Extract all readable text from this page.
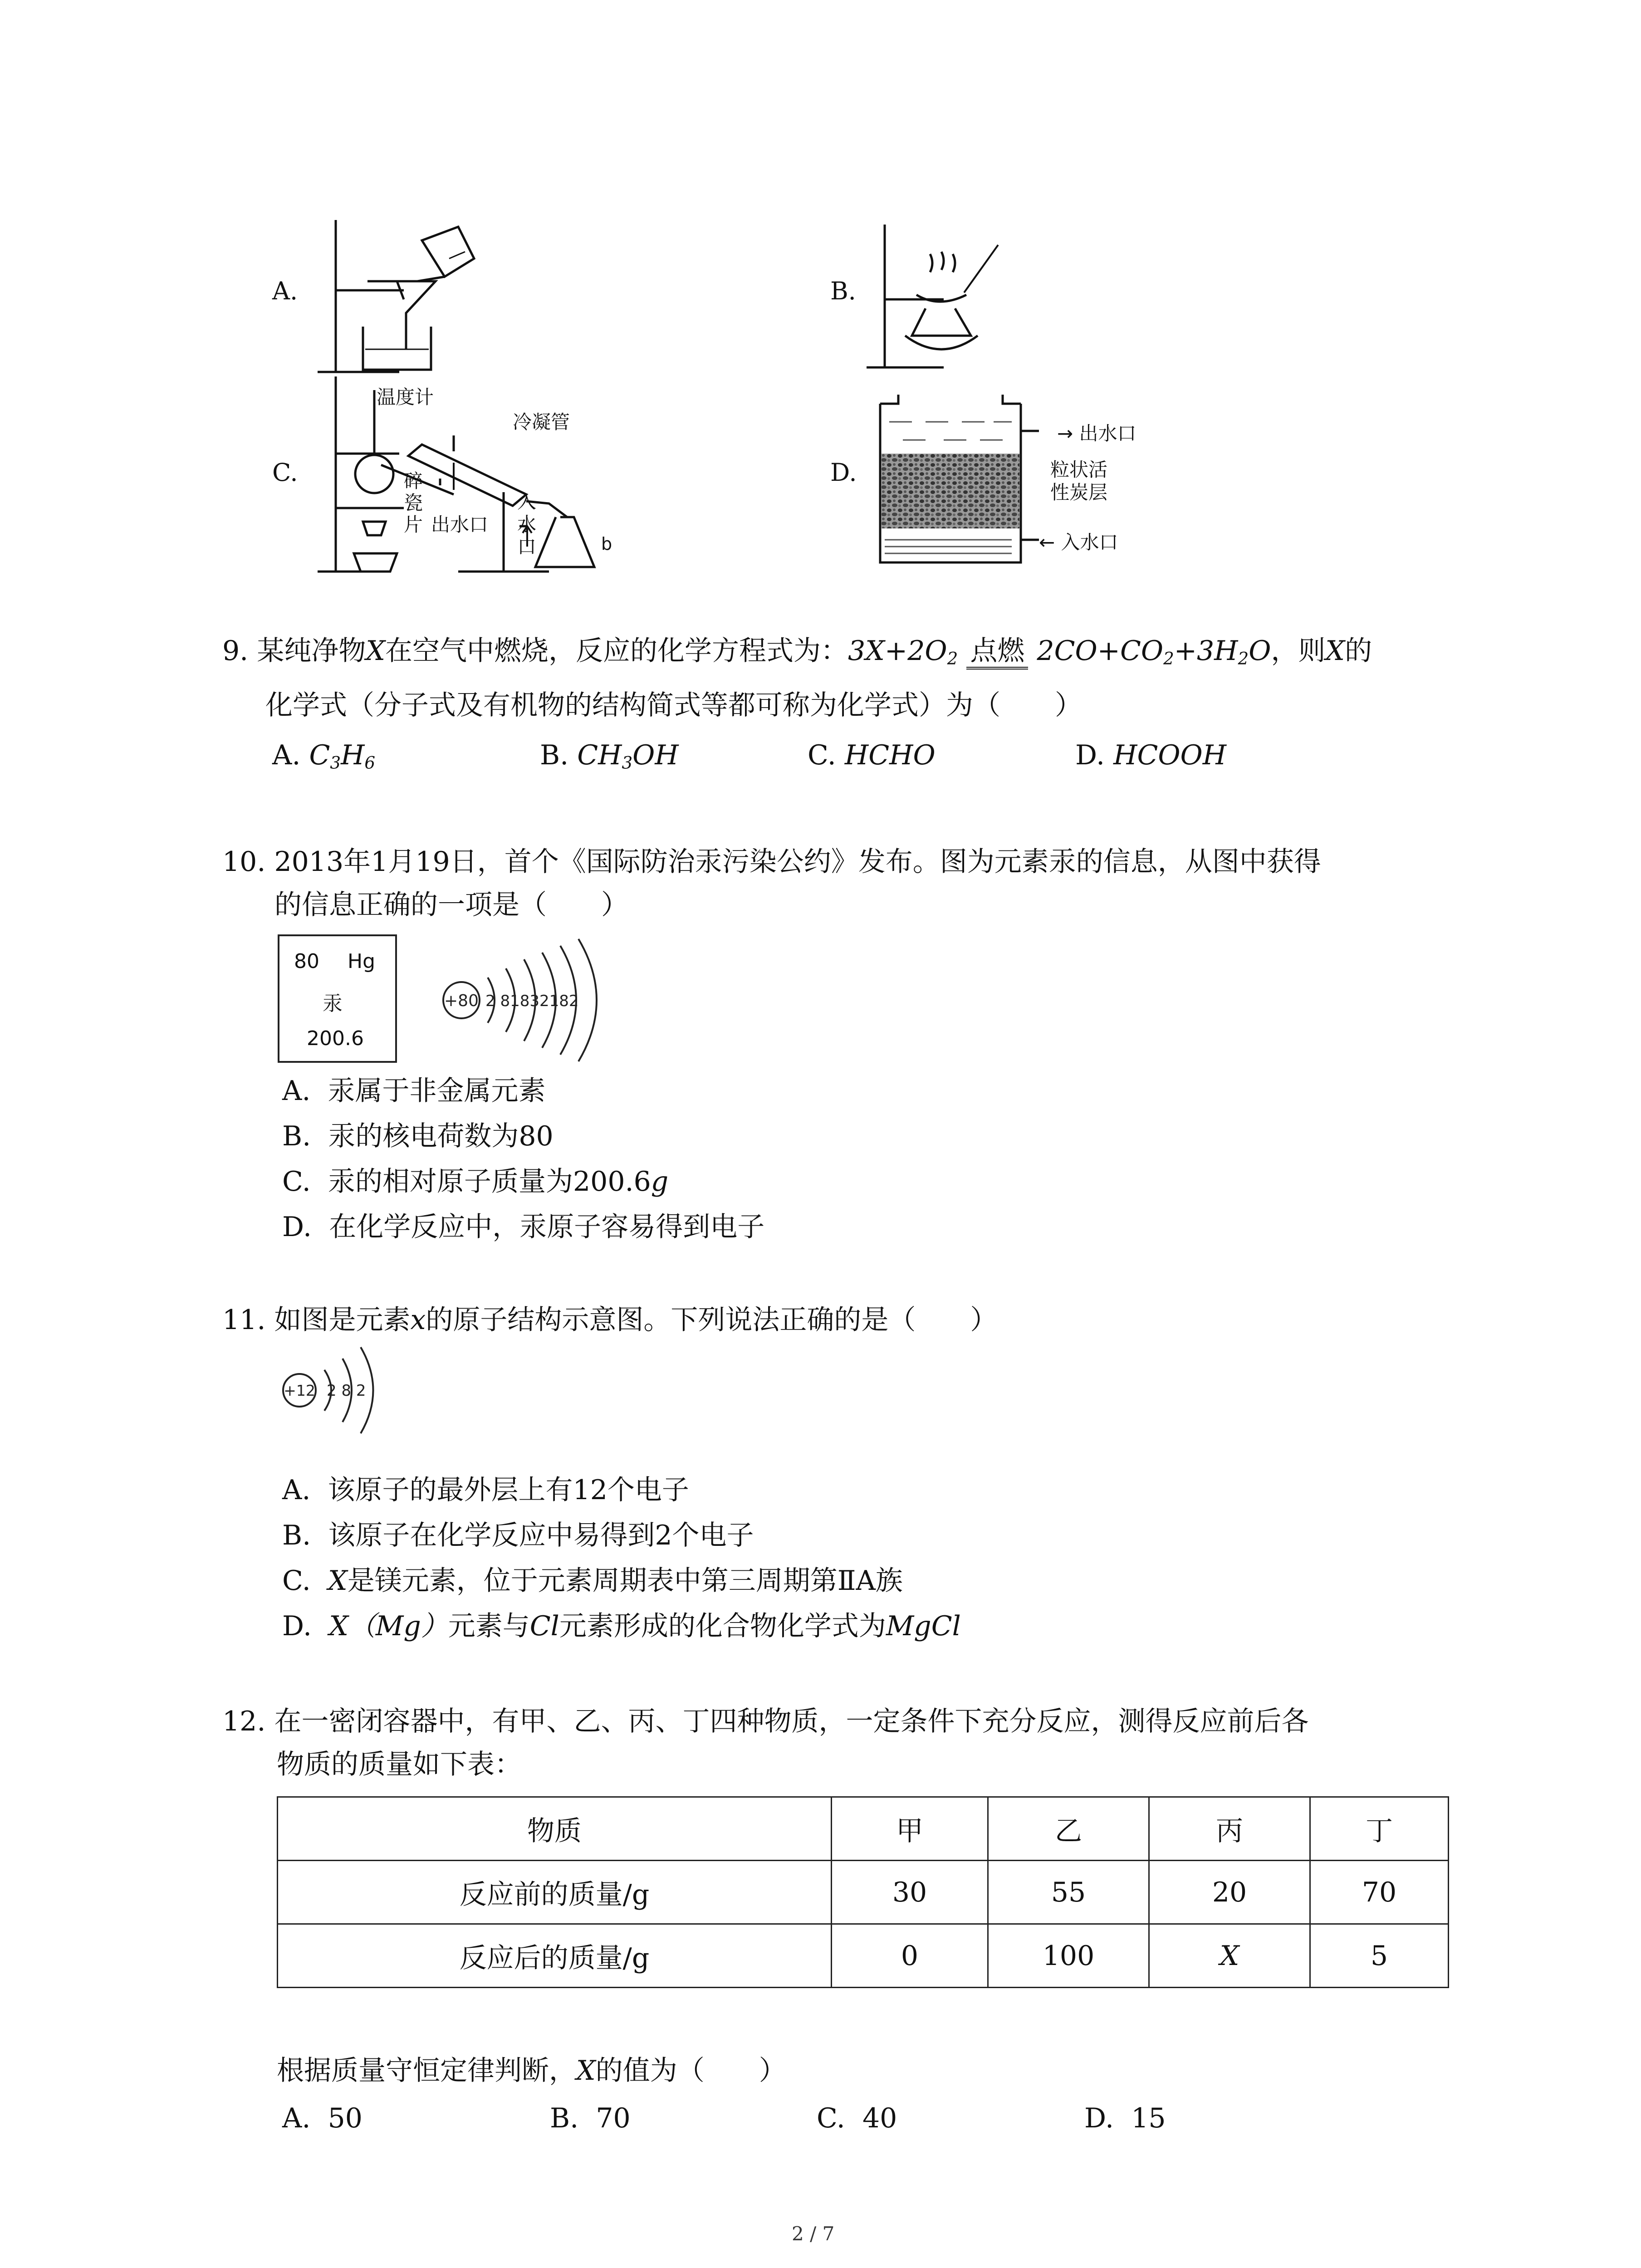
A.	B.
C.	D.
温度计
冷凝管
碎
瓷
片 出水口
入
水
口	b
→ 出水口
粒状活
性炭层
← 入水口
9. 某纯净物X在空气中燃烧，反应的化学方程式为：$3X+2O_2$ 点燃 $2CO+CO_2+3H_2O$，则X的
化学式（分子式及有机物的结构简式等都可称为化学式）为（　　）
A. $C_3H_6$	B. $CH_3OH$	C. HCHO	D. HCOOH
10. 2013年1月19日，首个《国际防治汞污染公约》发布。图为元素汞的信息，从图中获得
的信息正确的一项是（　　）
80 Hg
汞
200.6
+80 2 81832182
A. 汞属于非金属元素
B. 汞的核电荷数为80
C. 汞的相对原子质量为200.6g
D. 在化学反应中，汞原子容易得到电子
11. 如图是元素x的原子结构示意图。下列说法正确的是（　　）
+12 2 8 2
A. 该原子的最外层上有12个电子
B. 该原子在化学反应中易得到2个电子
C. X是镁元素，位于元素周期表中第三周期第ⅡA族
D. X（Mg）元素与Cl元素形成的化合物化学式为MgCl
12. 在一密闭容器中，有甲、乙、丙、丁四种物质，一定条件下充分反应，测得反应前后各
物质的质量如下表：
物质	甲	乙	丙	丁
反应前的质量/g	30	55	20	70
反应后的质量/g	0	100	X	5
根据质量守恒定律判断，X的值为（　　）
A. 50	B. 70	C. 40	D. 15
2 / 7
